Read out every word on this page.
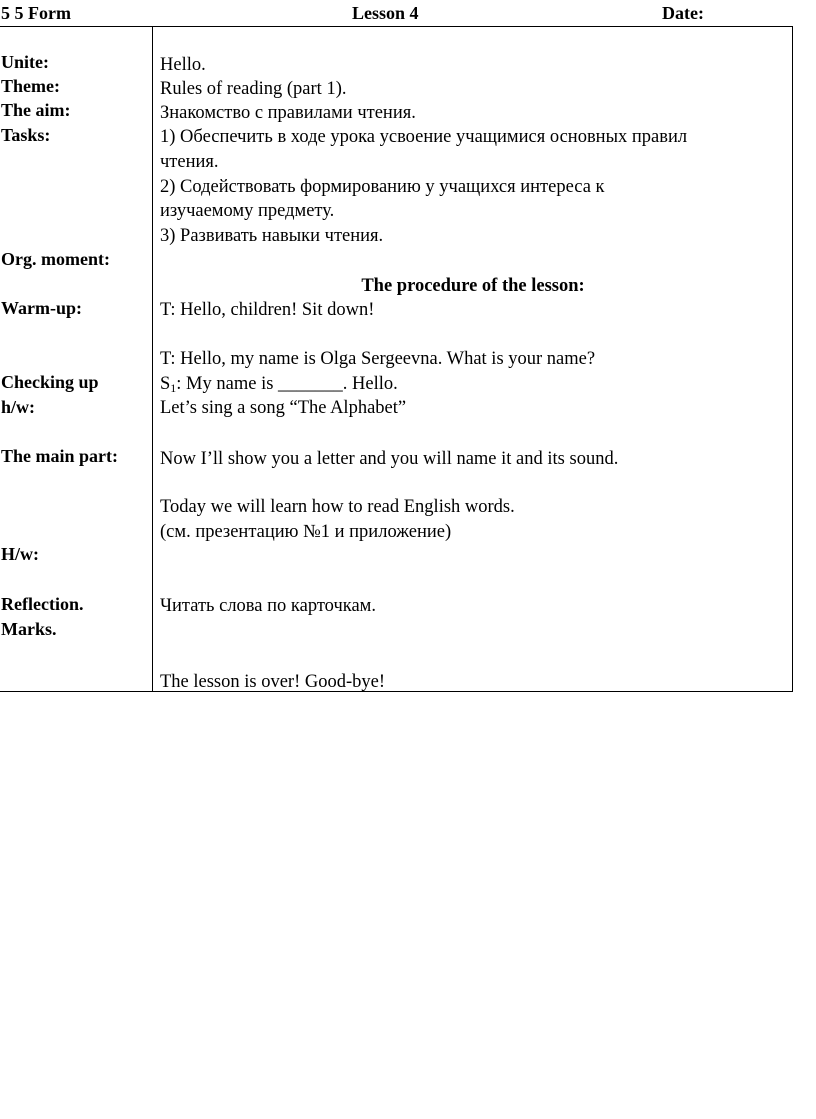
5 5 Form	Lesson 4	Date:
Unite:
Theme:
The aim:
Tasks:
Org. moment:
Warm-up:
Checking up
h/w:
The main part:
H/w:
Reflection.
Marks.
Hello.
Rules of reading (part 1).
Знакомство с правилами чтения.
1) Обеспечить в ходе урока усвоение учащимися основных правил
чтения.
2) Содействовать формированию у учащихся интереса к
изучаемому предмету.
3) Развивать навыки чтения.
The procedure of the lesson:
T: Hello, children! Sit down!
T: Hello, my name is Olga Sergeevna. What is your name?
$S_1$: My name is _______. Hello.
Let’s sing a song “The Alphabet”
Now I’ll show you a letter and you will name it and its sound.
Today we will learn how to read English words.
(см. презентацию №1 и приложение)
Читать слова по карточкам.
The lesson is over! Good-bye!
